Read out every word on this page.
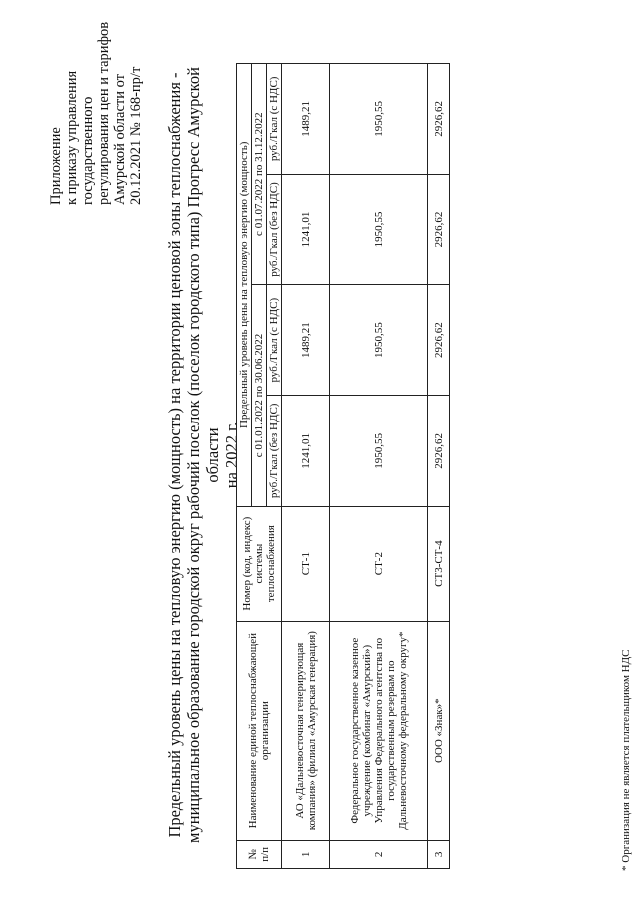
Приложение к приказу управления государственного регулирования цен и тарифов Амурской области от 20.12.2021 № 168-пр/т Предельный уровень цены на тепловую энергию (мощность) на территории ценовой зоны теплоснабжения - муниципальное образование городской округ рабочий поселок (поселок городского типа) Прогресс Амурской области на 2022 г.
№ п/п	Наименование единой теплоснабжающей организации	Номер (код, индекс) системы теплоснабжения	Предельный уровень цены на тепловую энергию (мощность)			
			с 01.01.2022 по 30.06.2022		с 01.07.2022 по 31.12.2022	
			руб./Гкал (без НДС)	руб./Гкал (с НДС)	руб./Гкал (без НДС)	руб./Гкал (с НДС)
1	АО «Дальневосточная генерирующая компания» (филиал «Амурская генерация)	СТ-1	1241,01	1489,21	1241,01	1489,21
2	Федеральное государственное казенное учреждение (комбинат «Амурский») Управления Федерального агентства по государственным резервам по Дальневосточному федеральному округу*	СТ-2	1950,55	1950,55	1950,55	1950,55
3	ООО «Знак»*	СТ3-СТ-4	2926,62	2926,62	2926,62	2926,62
* Организация не является плательщиком НДС
